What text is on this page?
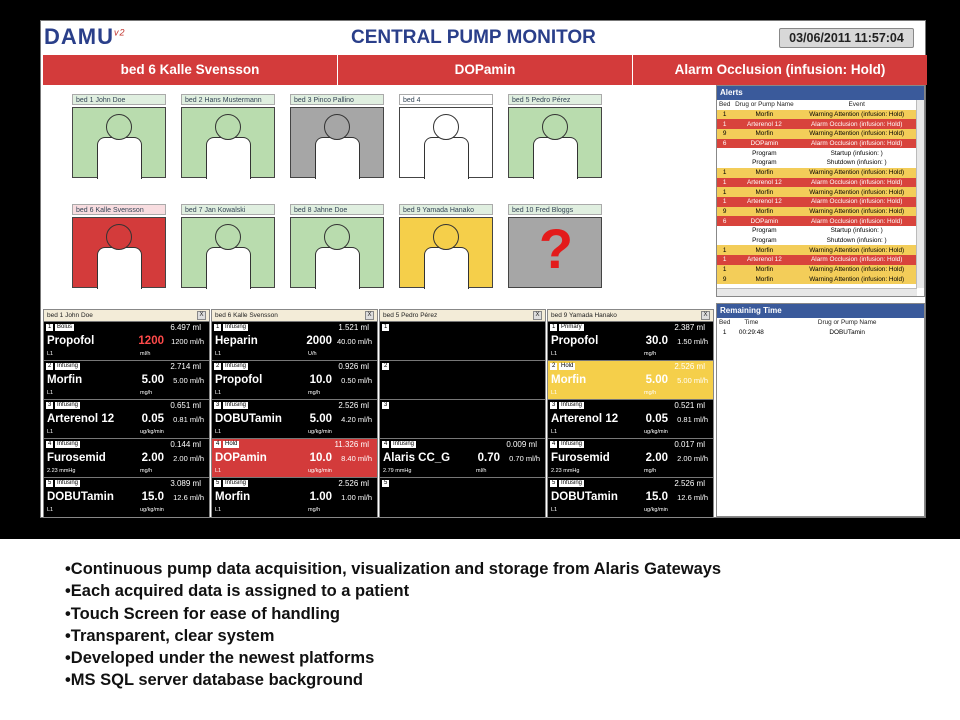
$DAMU^{v2}$	CENTRAL PUMP MONITOR	03/06/2011 11:57:04
bed 6 Kalle Svensson	DOPamin	Alarm Occlusion (infusion: Hold)
bed 1 John Doe	bed 2 Hans Mustermann	bed 3 Pinco Pallino	bed 4	bed 5 Pedro Pérez
bed 6 Kalle Svensson	bed 7 Jan Kowalski	bed 8 Jahne Doe	bed 9 Yamada Hanako	bed 10 Fred Bloggs
?
Alerts
Bed	Drug or Pump Name	Event
1	Morfin	Warning Attention (infusion: Hold)
1	Arterenol 12	Alarm Occlusion (infusion: Hold)
9	Morfin	Warning Attention (infusion: Hold)
6	DOPamin	Alarm Occlusion (infusion: Hold)
	Program	Startup (infusion: )
	Program	Shutdown (infusion: )
1	Morfin	Warning Attention (infusion: Hold)
1	Arterenol 12	Alarm Occlusion (infusion: Hold)
1	Morfin	Warning Attention (infusion: Hold)
1	Arterenol 12	Alarm Occlusion (infusion: Hold)
9	Morfin	Warning Attention (infusion: Hold)
6	DOPamin	Alarm Occlusion (infusion: Hold)
	Program	Startup (infusion: )
	Program	Shutdown (infusion: )
1	Morfin	Warning Attention (infusion: Hold)
1	Arterenol 12	Alarm Occlusion (infusion: Hold)
1	Morfin	Warning Attention (infusion: Hold)
9	Morfin	Warning Attention (infusion: Hold)
Remaining Time
Bed	Time	Drug or Pump Name
1	00:29:48	DOBUTamin
bed 1 John Doe	X
1 Bolus	6.497 ml
Propofol	1200 1200 ml/h
L1	ml/h
2 Infusing	2.714 ml
Morfin	5.00 5.00 ml/h
L1	mg/h
3 Infusing	0.651 ml
Arterenol 12	0.05 0.81 ml/h
L1	ug/kg/min
4 Infusing	0.144 ml
Furosemid	2.00 2.00 ml/h
2.23 mmHg	mg/h
5 Infusing	3.089 ml
DOBUTamin	15.0 12.6 ml/h
L1	ug/kg/min
bed 6 Kalle Svensson	X
1 Infusing	1.521 ml
Heparin	2000 40.00 ml/h
L1	U/h
2 Infusing	0.926 ml
Propofol	10.0 0.50 ml/h
L1	mg/h
3 Infusing	2.526 ml
DOBUTamin	5.00 4.20 ml/h
L1	ug/kg/min
4 Hold	11.326 ml
DOPamin	10.0 8.40 ml/h
L1	ug/kg/min
5 Infusing	2.526 ml
Morfin	1.00 1.00 ml/h
L1	mg/h
bed 5 Pedro Pérez	X
1
2
3
4 Infusing	0.009 ml
Alaris CC_G	0.70 0.70 ml/h
2.79 mmHg	ml/h
5
bed 9 Yamada Hanako	X
1 Primary	2.387 ml
Propofol	30.0 1.50 ml/h
L1	mg/h
2 Hold	2.526 ml
Morfin	5.00 5.00 ml/h
L1	mg/h
3 Infusing	0.521 ml
Arterenol 12	0.05 0.81 ml/h
L1	ug/kg/min
4 Infusing	0.017 ml
Furosemid	2.00 2.00 ml/h
2.23 mmHg	mg/h
5 Infusing	2.526 ml
DOBUTamin	15.0 12.6 ml/h
L1	ug/kg/min
•Continuous pump data acquisition, visualization and storage from Alaris Gateways
•Each acquired data is assigned to a patient
•Touch Screen for ease of handling
•Transparent, clear system
•Developed under the newest platforms
•MS SQL server database background
